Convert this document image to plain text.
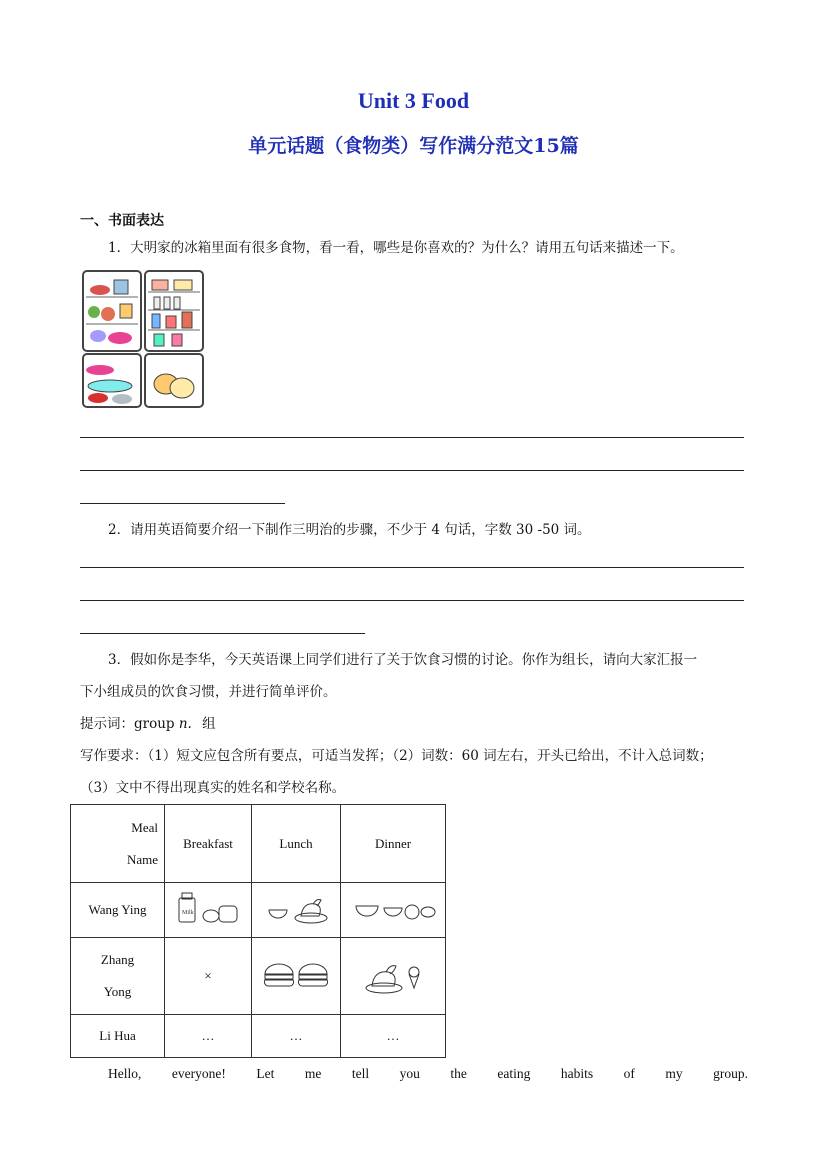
Unit 3 Food
单元话题（食物类）写作满分范文15篇
一、书面表达
1．大明家的冰箱里面有很多食物，看一看，哪些是你喜欢的？为什么？请用五句话来描述一下。
2．请用英语简要介绍一下制作三明治的步骤，不少于 4 句话，字数 30 -50 词。
3．假如你是李华，今天英语课上同学们进行了关于饮食习惯的讨论。你作为组长，请向大家汇报一
下小组成员的饮食习惯，并进行简单评价。
提示词：group n. 组
写作要求：（1）短文应包含所有要点，可适当发挥；（2）词数：60 词左右，开头已给出，不计入总词数；
（3）文中不得出现真实的姓名和学校名称。
Meal
Name	Breakfast	Lunch	Dinner
Wang Ying	Milk

Zhang
Yong	×		
Li Hua	…	…	…
Hello, everyone! Let me tell you the eating habits of my group.
